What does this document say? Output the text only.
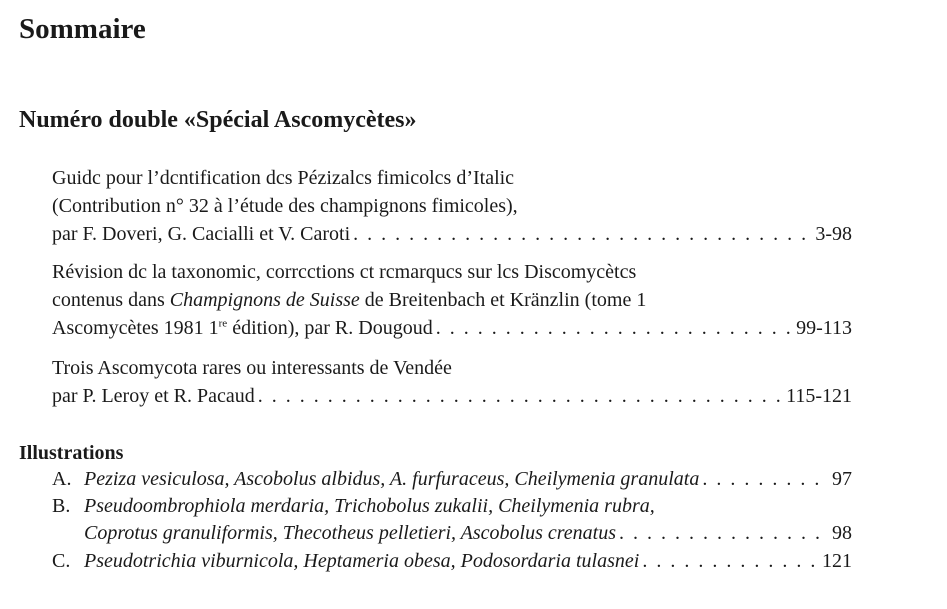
Sommaire
Numéro double «Spécial Ascomycètes»
Guidc pour l’dcntification dcs Pézizalcs fimicolcs d’Italic
(Contribution n° 32 à l’étude des champignons fimicoles),
par F. Doveri, G. Cacialli et V. Caroti . . .	3-98
Révision dc la taxonomic, corrcctions ct rcmarqucs sur lcs Discomycètcs
contenus dans Champignons de Suisse de Breitenbach et Kränzlin (tome 1
Ascomycètes 1981 1re édition), par R. Dougoud . . .	99-113
Trois Ascomycota rares ou interessants de Vendée
par P. Leroy et R. Pacaud . . .	115-121
Illustrations
A. Peziza vesiculosa, Ascobolus albidus, A. furfuraceus, Cheilymenia granulata . . .	97
B. Pseudoombrophiola merdaria, Trichobolus zukalii, Cheilymenia rubra,
Coprotus granuliformis, Thecotheus pelletieri, Ascobolus crenatus . . .	98
C. Pseudotrichia viburnicola, Heptameria obesa, Podosordaria tulasnei . . .	121
